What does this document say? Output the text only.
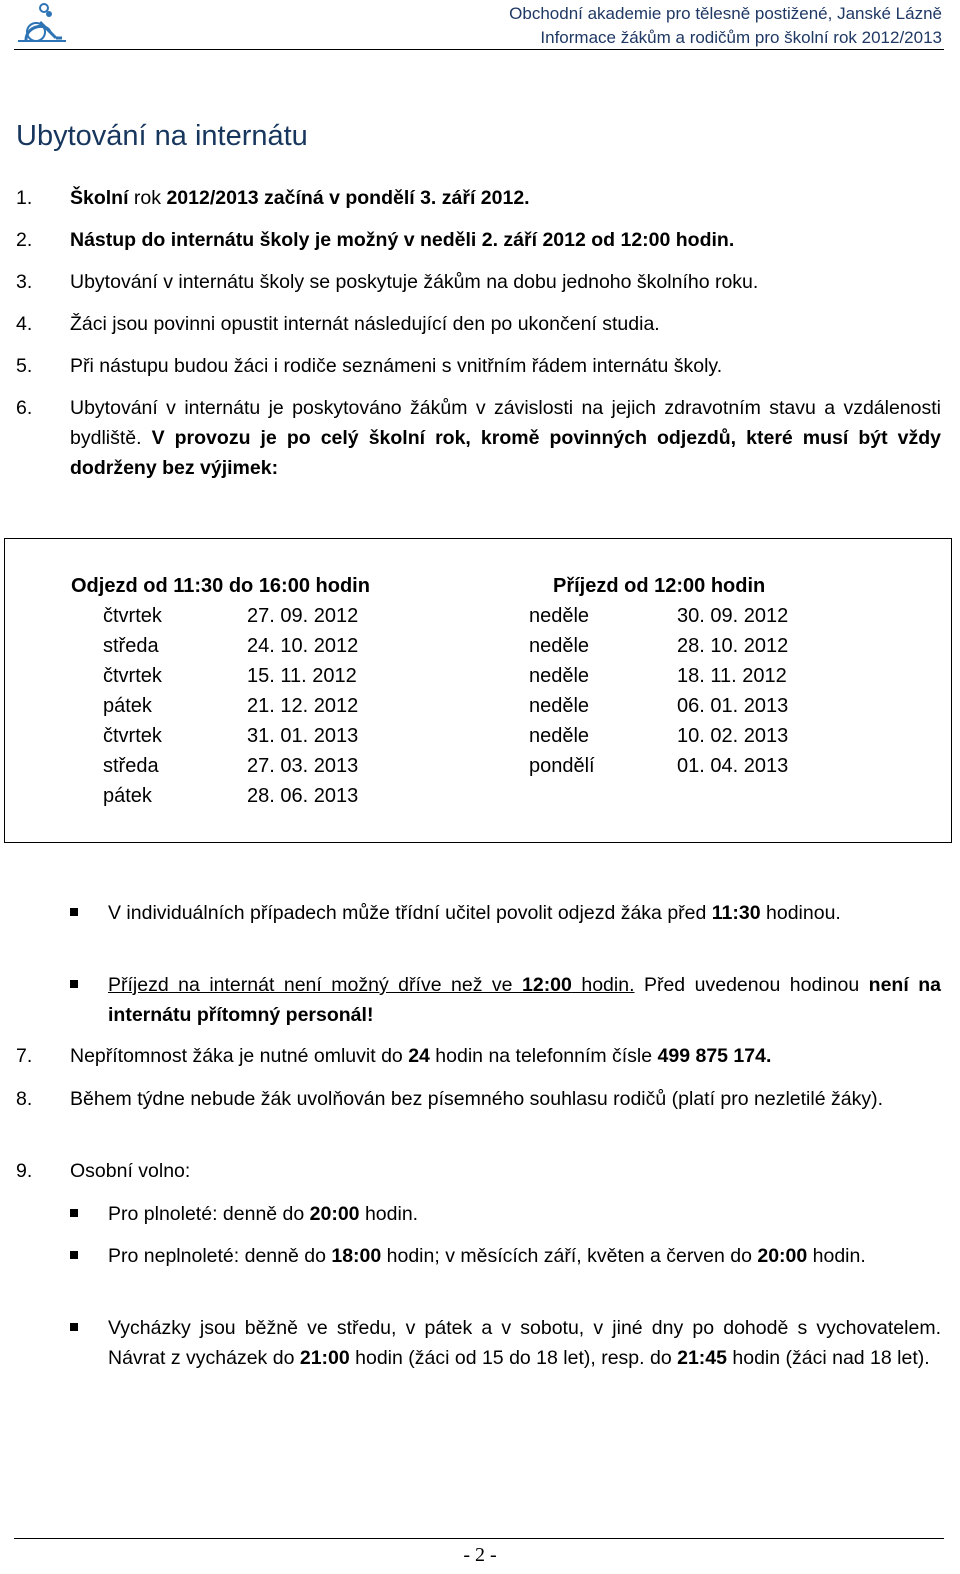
Obchodní akademie pro tělesně postižené, Janské Lázně
Informace žákům a rodičům pro školní rok 2012/2013
Ubytování na internátu
1.	Školní rok 2012/2013 začíná v pondělí 3. září 2012.
2.	Nástup do internátu školy je možný v neděli 2. září 2012 od 12:00 hodin.
3.	Ubytování v internátu školy se poskytuje žákům na dobu jednoho školního roku.
4.	Žáci jsou povinni opustit internát následující den po ukončení studia.
5.	Při nástupu budou žáci i rodiče seznámeni s vnitřním řádem internátu školy.
6.	Ubytování v internátu je poskytováno žákům v závislosti na jejich zdravotním stavu a vzdálenosti bydliště. V provozu je po celý školní rok, kromě povinných odjezdů, které musí být vždy dodrženy bez výjimek:
Odjezd od 11:30 do 16:00 hodin
čtvrtek	27. 09. 2012
středa	24. 10. 2012
čtvrtek	15. 11. 2012
pátek	21. 12. 2012
čtvrtek	31. 01. 2013
středa	27. 03. 2013
pátek	28. 06. 2013
Příjezd od 12:00 hodin
neděle	30. 09. 2012
neděle	28. 10. 2012
neděle	18. 11. 2012
neděle	06. 01. 2013
neděle	10. 02. 2013
pondělí	01. 04. 2013
V individuálních případech může třídní učitel povolit odjezd žáka před 11:30 hodinou.
Příjezd na internát není možný dříve než ve 12:00 hodin. Před uvedenou hodinou není na internátu přítomný personál!
7.	Nepřítomnost žáka je nutné omluvit do 24 hodin na telefonním čísle 499 875 174.
8.	Během týdne nebude žák uvolňován bez písemného souhlasu rodičů (platí pro nezletilé žáky).
9.	Osobní volno:
Pro plnoleté: denně do 20:00 hodin.
Pro neplnoleté: denně do 18:00 hodin; v měsících září, květen a červen do 20:00 hodin.
Vycházky jsou běžně ve středu, v pátek a v sobotu, v jiné dny po dohodě s vychovatelem. Návrat z vycházek do 21:00 hodin (žáci od 15 do 18 let), resp. do 21:45 hodin (žáci nad 18 let).
- 2 -
